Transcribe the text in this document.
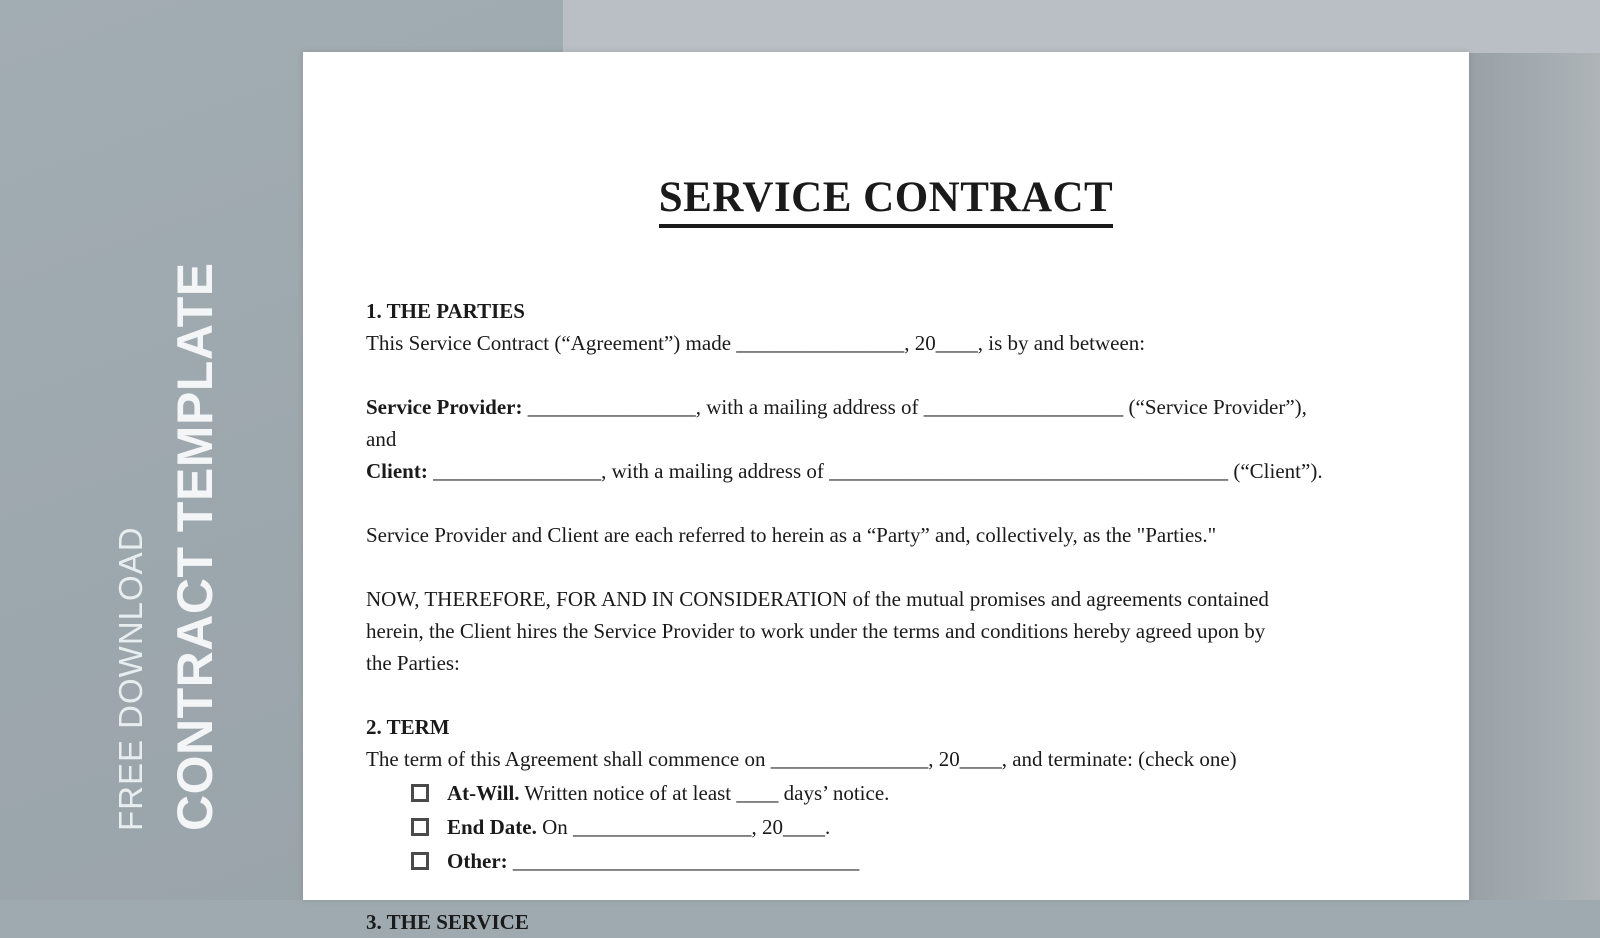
FREE DOWNLOAD CONTRACT TEMPLATE
SERVICE CONTRACT
1. THE PARTIES
This Service Contract (“Agreement”) made ________________, 20____, is by and between:
Service Provider: ________________, with a mailing address of ___________________ (“Service Provider”),
and
Client: ________________, with a mailing address of ______________________________________ (“Client”).
Service Provider and Client are each referred to herein as a “Party” and, collectively, as the "Parties."
NOW, THEREFORE, FOR AND IN CONSIDERATION of the mutual promises and agreements contained
herein, the Client hires the Service Provider to work under the terms and conditions hereby agreed upon by
the Parties:
2. TERM
The term of this Agreement shall commence on _______________, 20____, and terminate: (check one)
At-Will. Written notice of at least ____ days’ notice.
End Date. On _________________, 20____.
Other: _________________________________
3. THE SERVICE
